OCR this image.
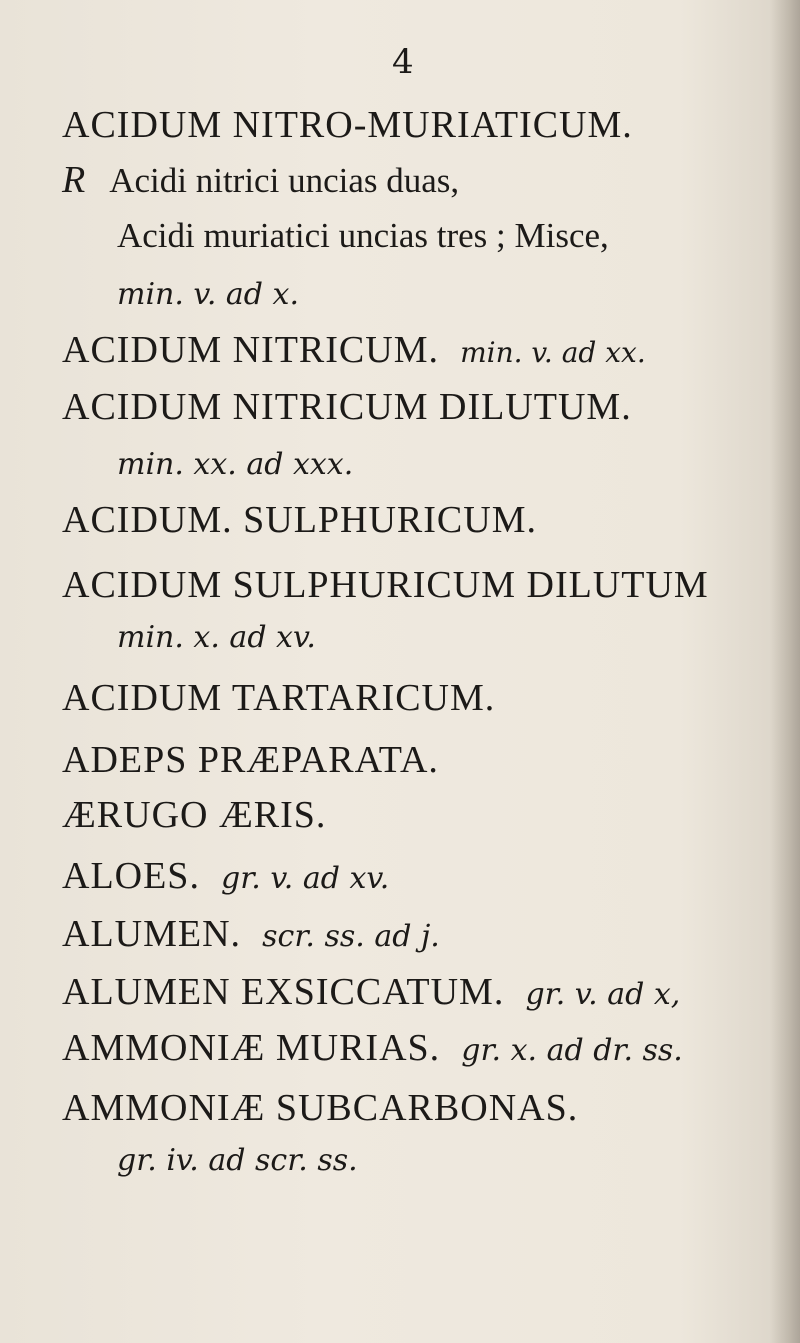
4
ACIDUM NITRO-MURIATICUM.
R Acidi nitrici uncias duas,
Acidi muriatici uncias tres ; Misce,
min. v. ad x.
ACIDUM NITRICUM. min. v. ad xx.
ACIDUM NITRICUM DILUTUM.
min. xx. ad xxx.
ACIDUM. SULPHURICUM.
ACIDUM SULPHURICUM DILUTUM
min. x. ad xv.
ACIDUM TARTARICUM.
ADEPS PRÆPARATA.
ÆRUGO ÆRIS.
ALOES. gr. v. ad xv.
ALUMEN. scr. ss. ad j.
ALUMEN EXSICCATUM. gr. v. ad x,
AMMONIÆ MURIAS. gr. x. ad dr. ss.
AMMONIÆ SUBCARBONAS.
gr. iv. ad scr. ss.
